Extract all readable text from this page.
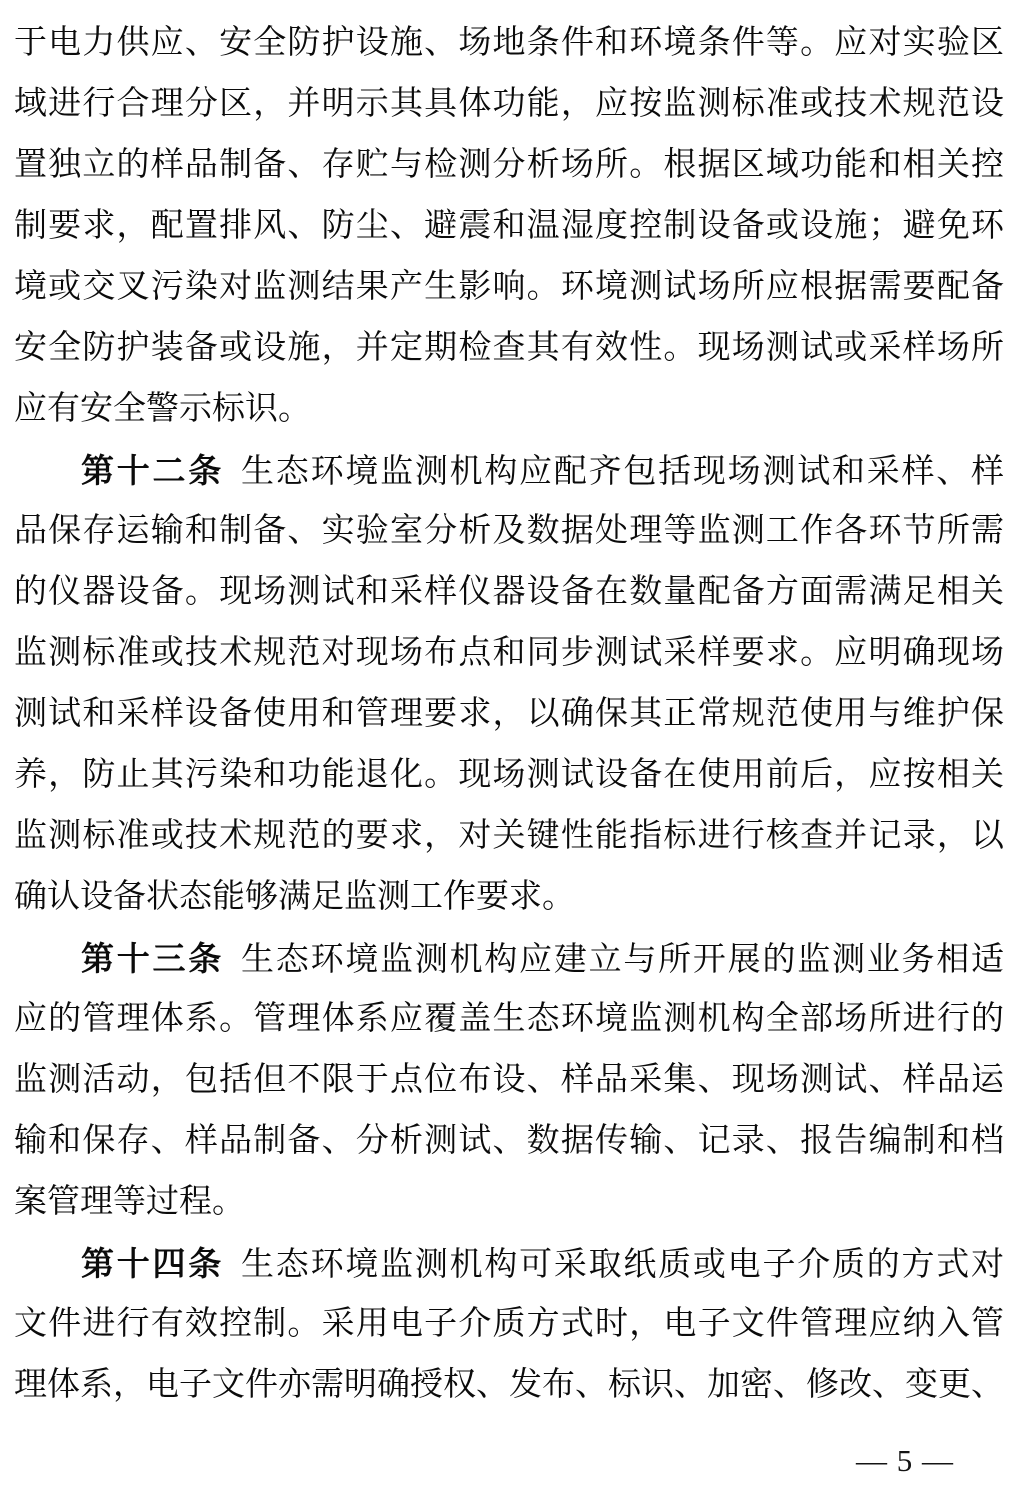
于电力供应、安全防护设施、场地条件和环境条件等。应对实验区
域进行合理分区，并明示其具体功能，应按监测标准或技术规范设
置独立的样品制备、存贮与检测分析场所。根据区域功能和相关控
制要求，配置排风、防尘、避震和温湿度控制设备或设施；避免环
境或交叉污染对监测结果产生影响。环境测试场所应根据需要配备
安全防护装备或设施，并定期检查其有效性。现场测试或采样场所
应有安全警示标识。
第十二条 生态环境监测机构应配齐包括现场测试和采样、样
品保存运输和制备、实验室分析及数据处理等监测工作各环节所需
的仪器设备。现场测试和采样仪器设备在数量配备方面需满足相关
监测标准或技术规范对现场布点和同步测试采样要求。应明确现场
测试和采样设备使用和管理要求，以确保其正常规范使用与维护保
养，防止其污染和功能退化。现场测试设备在使用前后，应按相关
监测标准或技术规范的要求，对关键性能指标进行核查并记录，以
确认设备状态能够满足监测工作要求。
第十三条 生态环境监测机构应建立与所开展的监测业务相适
应的管理体系。管理体系应覆盖生态环境监测机构全部场所进行的
监测活动，包括但不限于点位布设、样品采集、现场测试、样品运
输和保存、样品制备、分析测试、数据传输、记录、报告编制和档
案管理等过程。
第十四条 生态环境监测机构可采取纸质或电子介质的方式对
文件进行有效控制。采用电子介质方式时，电子文件管理应纳入管
理体系，电子文件亦需明确授权、发布、标识、加密、修改、变更、
— 5 —
